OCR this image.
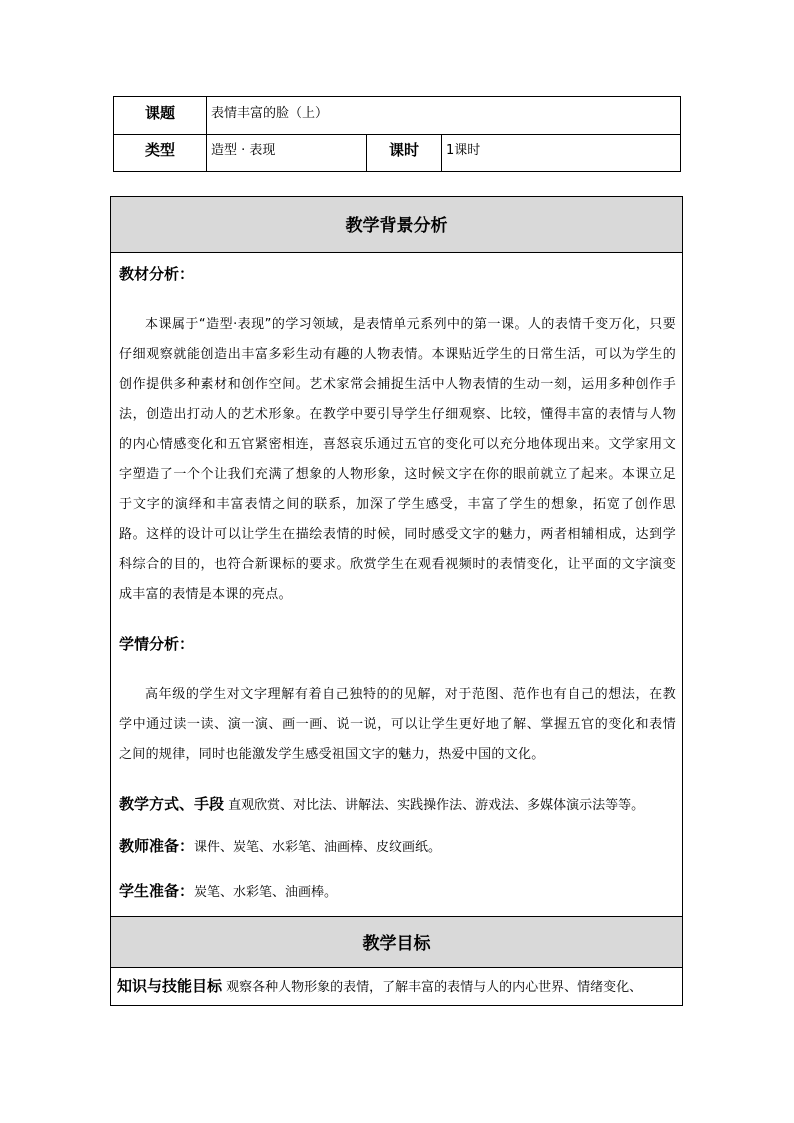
课题	表情丰富的脸（上）
类型	造型 · 表现	课时	1课时
教学背景分析
教材分析：
本课属于“造型·表现”的学习领域，是表情单元系列中的第一课。人的表情千变万化，只要仔细观察就能创造出丰富多彩生动有趣的人物表情。本课贴近学生的日常生活，可以为学生的创作提供多种素材和创作空间。艺术家常会捕捉生活中人物表情的生动一刻，运用多种创作手法，创造出打动人的艺术形象。在教学中要引导学生仔细观察、比较，懂得丰富的表情与人物的内心情感变化和五官紧密相连，喜怒哀乐通过五官的变化可以充分地体现出来。文学家用文字塑造了一个个让我们充满了想象的人物形象，这时候文字在你的眼前就立了起来。本课立足于文字的演绎和丰富表情之间的联系，加深了学生感受，丰富了学生的想象，拓宽了创作思路。这样的设计可以让学生在描绘表情的时候，同时感受文字的魅力，两者相辅相成，达到学科综合的目的，也符合新课标的要求。欣赏学生在观看视频时的表情变化，让平面的文字演变成丰富的表情是本课的亮点。
学情分析：
高年级的学生对文字理解有着自己独特的的见解，对于范图、范作也有自己的想法，在教学中通过读一读、演一演、画一画、说一说，可以让学生更好地了解、掌握五官的变化和表情之间的规律，同时也能激发学生感受祖国文字的魅力，热爱中国的文化。
教学方式、手段 直观欣赏、对比法、讲解法、实践操作法、游戏法、多媒体演示法等等。
教师准备：课件、炭笔、水彩笔、油画棒、皮纹画纸。
学生准备：炭笔、水彩笔、油画棒。
教学目标
知识与技能目标 观察各种人物形象的表情，了解丰富的表情与人的内心世界、情绪变化、
